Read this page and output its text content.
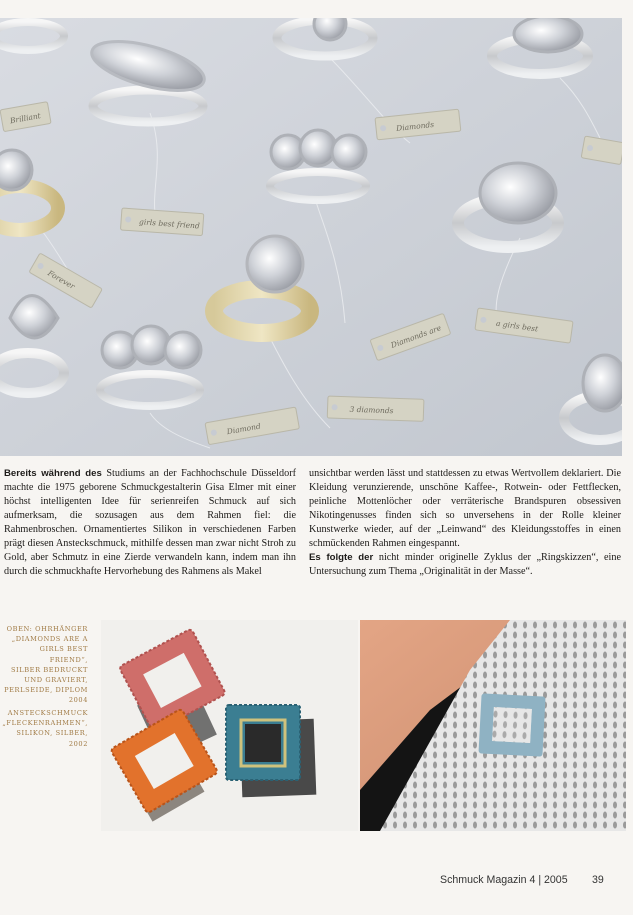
girls best friend
Diamonds
Forever
Diamonds are	a girls best
3 diamonds
Diamond
Brilliant

Bereits während des Studiums an der Fachhochschule Düsseldorf machte die 1975 geborene Schmuckgestalterin Gisa Elmer mit einer höchst intelligenten Idee für serienreifen Schmuck auf sich aufmerksam, die sozusagen aus dem Rahmen fiel: die Rahmenbroschen. Ornamentiertes Silikon in verschiedenen Farben prägt diesen Ansteckschmuck, mithilfe dessen man zwar nicht Stroh zu Gold, aber Schmutz in eine Zierde verwandeln kann, indem man ihn durch die schmuckhafte Hervorhebung des Rahmens als Makel

unsichtbar werden lässt und stattdessen zu etwas Wertvollem deklariert. Die Kleidung verunzierende, unschöne Kaffee-, Rotwein- oder Fettflecken, peinliche Mottenlöcher oder verräterische Brandspuren obsessiven Nikotingenusses finden sich so unversehens in der Rolle kleiner Kunstwerke wieder, auf der „Leinwand“ des Kleidungsstoffes in einen schmückenden Rahmen eingespannt.

Es folgte der nicht minder originelle Zyklus der „Ringskizzen“, eine Untersuchung zum Thema „Originalität in der Masse“.

OBEN: OHRHÄNGER
„DIAMONDS ARE A
GIRLS BEST FRIEND“,
SILBER BEDRUCKT
UND GRAVIERT,
PERLSEIDE, DIPLOM
2004
ANSTECKSCHMUCK
„FLECKENRAHMEN“,
SILIKON, SILBER, 2002
Schmuck Magazin 4 | 2005 39
